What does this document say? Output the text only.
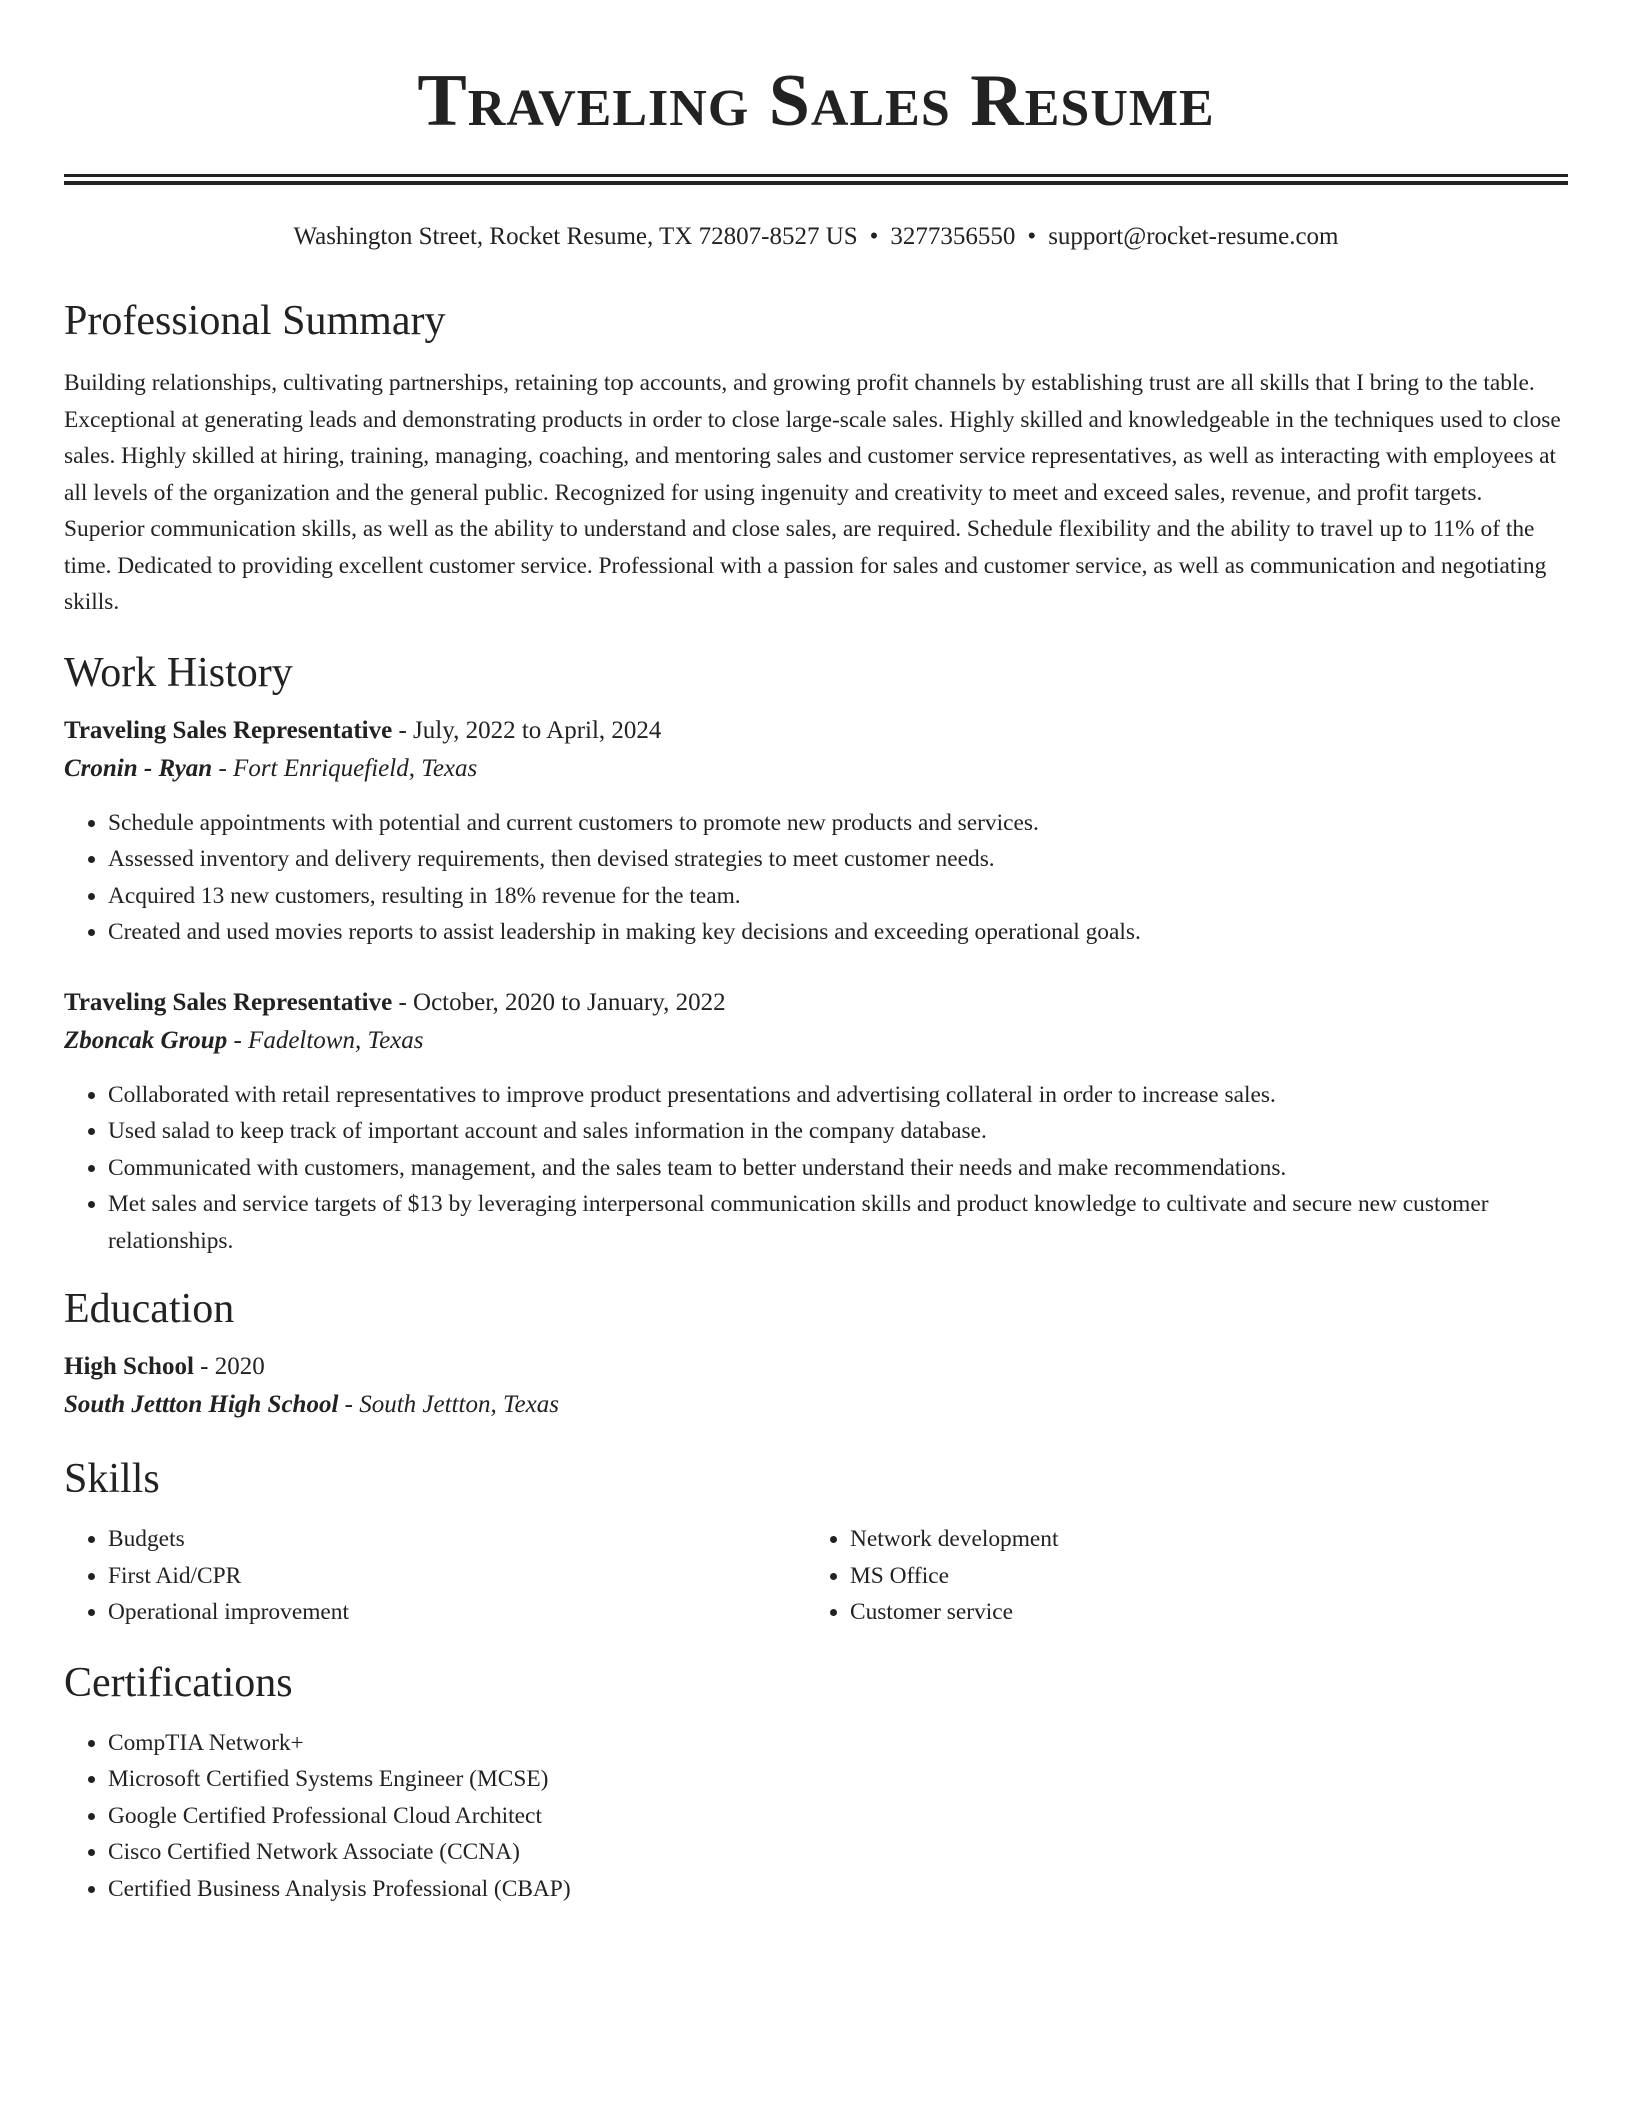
Traveling Sales Resume
Washington Street, Rocket Resume, TX 72807-8527 US • 3277356550 • support@rocket-resume.com
Professional Summary
Building relationships, cultivating partnerships, retaining top accounts, and growing profit channels by establishing trust are all skills that I bring to the table. Exceptional at generating leads and demonstrating products in order to close large-scale sales. Highly skilled and knowledgeable in the techniques used to close sales. Highly skilled at hiring, training, managing, coaching, and mentoring sales and customer service representatives, as well as interacting with employees at all levels of the organization and the general public. Recognized for using ingenuity and creativity to meet and exceed sales, revenue, and profit targets. Superior communication skills, as well as the ability to understand and close sales, are required. Schedule flexibility and the ability to travel up to 11% of the time. Dedicated to providing excellent customer service. Professional with a passion for sales and customer service, as well as communication and negotiating skills.
Work History
Traveling Sales Representative - July, 2022 to April, 2024
Cronin - Ryan - Fort Enriquefield, Texas
• Schedule appointments with potential and current customers to promote new products and services.
• Assessed inventory and delivery requirements, then devised strategies to meet customer needs.
• Acquired 13 new customers, resulting in 18% revenue for the team.
• Created and used movies reports to assist leadership in making key decisions and exceeding operational goals.
Traveling Sales Representative - October, 2020 to January, 2022
Zboncak Group - Fadeltown, Texas
• Collaborated with retail representatives to improve product presentations and advertising collateral in order to increase sales.
• Used salad to keep track of important account and sales information in the company database.
• Communicated with customers, management, and the sales team to better understand their needs and make recommendations.
• Met sales and service targets of $13 by leveraging interpersonal communication skills and product knowledge to cultivate and secure new customer relationships.
Education
High School - 2020
South Jettton High School - South Jettton, Texas
Skills
• Budgets
• First Aid/CPR
• Operational improvement
• Network development
• MS Office
• Customer service
Certifications
• CompTIA Network+
• Microsoft Certified Systems Engineer (MCSE)
• Google Certified Professional Cloud Architect
• Cisco Certified Network Associate (CCNA)
• Certified Business Analysis Professional (CBAP)
